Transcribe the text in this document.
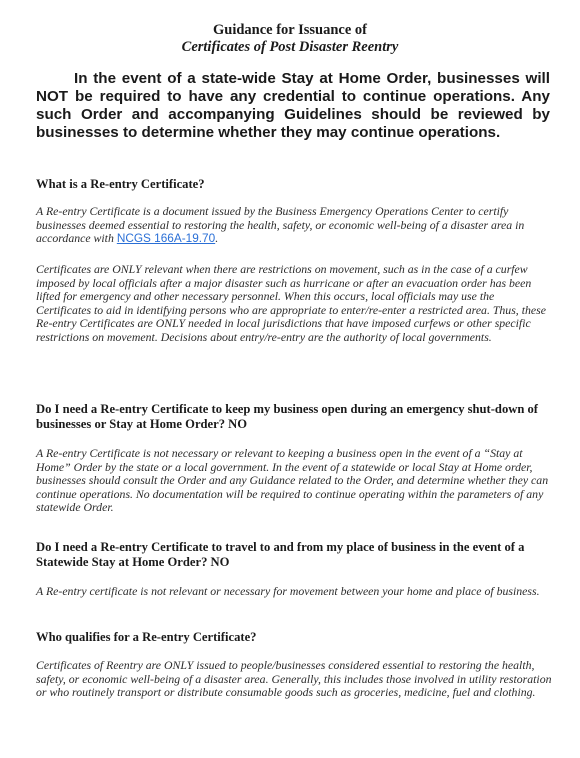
Guidance for Issuance of
Certificates of Post Disaster Reentry
In the event of a state-wide Stay at Home Order, businesses will NOT be required to have any credential to continue operations. Any such Order and accompanying Guidelines should be reviewed by businesses to determine whether they may continue operations.
What is a Re-entry Certificate?
A Re-entry Certificate is a document issued by the Business Emergency Operations Center to certify businesses deemed essential to restoring the health, safety, or economic well-being of a disaster area in accordance with NCGS 166A-19.70.
Certificates are ONLY relevant when there are restrictions on movement, such as in the case of a curfew imposed by local officials after a major disaster such as hurricane or after an evacuation order has been lifted for emergency and other necessary personnel. When this occurs, local officials may use the Certificates to aid in identifying persons who are appropriate to enter/re-enter a restricted area. Thus, these Re-entry Certificates are ONLY needed in local jurisdictions that have imposed curfews or other specific restrictions on movement. Decisions about entry/re-entry are the authority of local governments.
Do I need a Re-entry Certificate to keep my business open during an emergency shut-down of businesses or Stay at Home Order? NO
A Re-entry Certificate is not necessary or relevant to keeping a business open in the event of a “Stay at Home” Order by the state or a local government. In the event of a statewide or local Stay at Home order, businesses should consult the Order and any Guidance related to the Order, and determine whether they can continue operations. No documentation will be required to continue operating within the parameters of any statewide Order.
Do I need a Re-entry Certificate to travel to and from my place of business in the event of a Statewide Stay at Home Order? NO
A Re-entry certificate is not relevant or necessary for movement between your home and place of business.
Who qualifies for a Re-entry Certificate?
Certificates of Reentry are ONLY issued to people/businesses considered essential to restoring the health, safety, or economic well-being of a disaster area. Generally, this includes those involved in utility restoration or who routinely transport or distribute consumable goods such as groceries, medicine, fuel and clothing.
